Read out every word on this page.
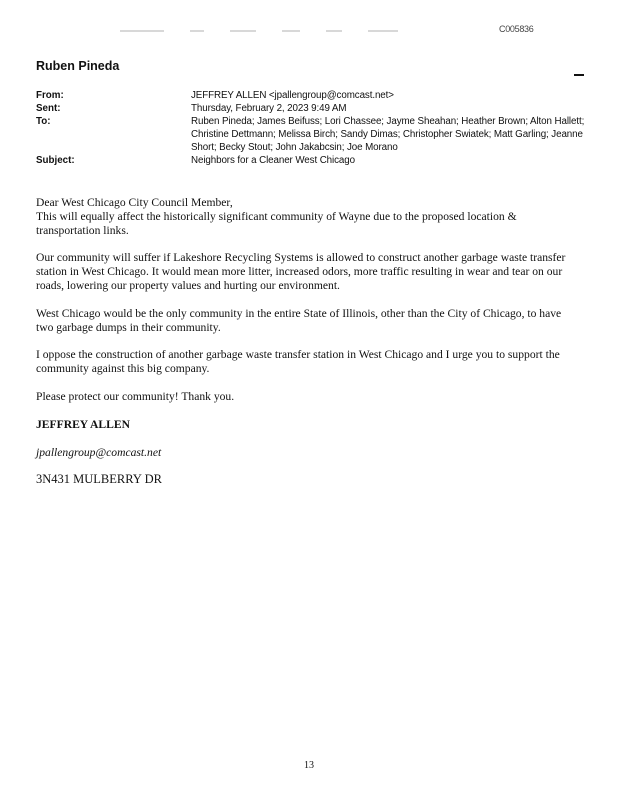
C005836
Ruben Pineda
From:	JEFFREY ALLEN <jpallengroup@comcast.net>
Sent:	Thursday, February 2, 2023 9:49 AM
To:	Ruben Pineda; James Beifuss; Lori Chassee; Jayme Sheahan; Heather Brown; Alton Hallett; Christine Dettmann; Melissa Birch; Sandy Dimas; Christopher Swiatek; Matt Garling; Jeanne Short; Becky Stout; John Jakabcsin; Joe Morano
Subject:	Neighbors for a Cleaner West Chicago

Dear West Chicago City Council Member,

This will equally affect the historically significant community of Wayne due to the proposed location & transportation links.

Our community will suffer if Lakeshore Recycling Systems is allowed to construct another garbage waste transfer station in West Chicago. It would mean more litter, increased odors, more traffic resulting in wear and tear on our roads, lowering our property values and hurting our environment.

West Chicago would be the only community in the entire State of Illinois, other than the City of Chicago, to have two garbage dumps in their community.

I oppose the construction of another garbage waste transfer station in West Chicago and I urge you to support the community against this big company.

Please protect our community! Thank you.

JEFFREY ALLEN

jpallengroup@comcast.net

3N431 MULBERRY DR

13
